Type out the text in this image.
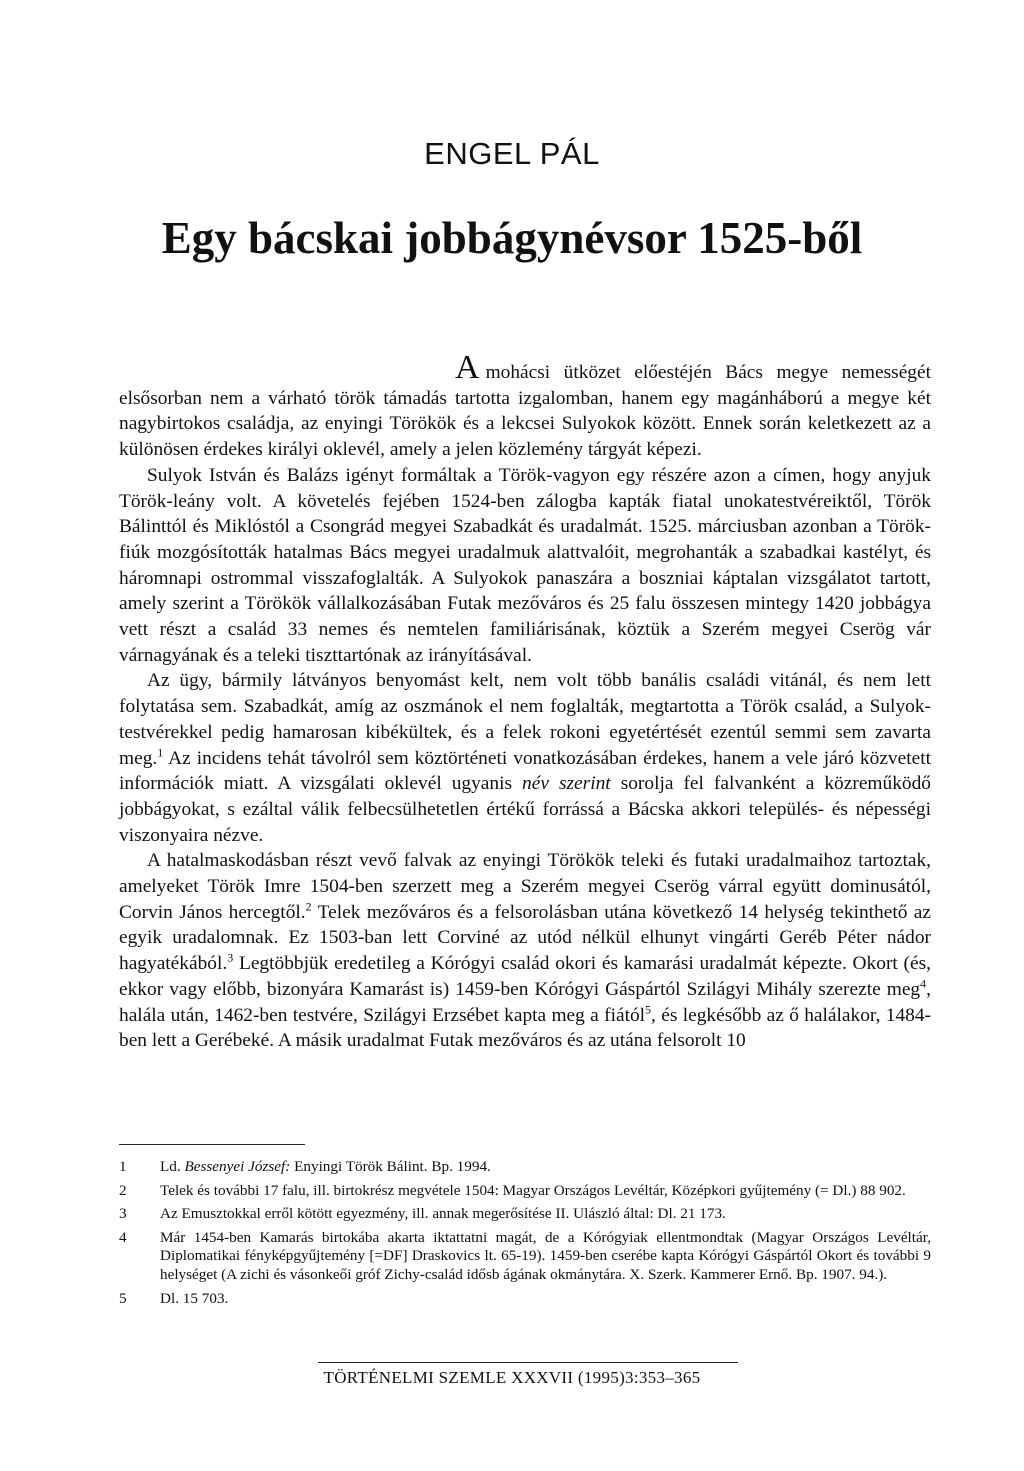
ENGEL PÁL
Egy bácskai jobbágynévsor 1525-ből

Amohácsi ütközet előestéjén Bács megye nemességét elsősorban nem a várható török támadás tartotta izgalomban, hanem egy magánháború a megye két nagybirtokos családja, az enyingi Törökök és a lekcsei Sulyokok között. Ennek során keletkezett az a különösen érdekes királyi oklevél, amely a jelen közlemény tárgyát képezi.

Sulyok István és Balázs igényt formáltak a Török-vagyon egy részére azon a címen, hogy anyjuk Török-leány volt. A követelés fejében 1524-ben zálogba kapták fiatal unokatestvéreiktől, Török Bálinttól és Miklóstól a Csongrád megyei Szabadkát és uradalmát. 1525. márciusban azonban a Török-fiúk mozgósították hatalmas Bács megyei uradalmuk alattvalóit, megrohanták a szabadkai kastélyt, és háromnapi ostrommal visszafoglalták. A Sulyokok panaszára a boszniai káptalan vizsgálatot tartott, amely szerint a Törökök vállalkozásában Futak mezőváros és 25 falu összesen mintegy 1420 jobbágya vett részt a család 33 nemes és nemtelen familiárisának, köztük a Szerém megyei Cserög vár várnagyának és a teleki tiszttartónak az irányításával.

Az ügy, bármily látványos benyomást kelt, nem volt több banális családi vitánál, és nem lett folytatása sem. Szabadkát, amíg az oszmánok el nem foglalták, megtartotta a Török család, a Sulyok-testvérekkel pedig hamarosan kibékültek, és a felek rokoni egyetértését ezentúl semmi sem zavarta meg.$^1$ Az incidens tehát távolról sem köztörténeti vonatkozásában érdekes, hanem a vele járó közvetett információk miatt. A vizsgálati oklevél ugyanis név szerint sorolja fel falvanként a közreműködő jobbágyokat, s ezáltal válik felbecsülhetetlen értékű forrássá a Bácska akkori település- és népességi viszonyaira nézve.

A hatalmaskodásban részt vevő falvak az enyingi Törökök teleki és futaki uradalmaihoz tartoztak, amelyeket Török Imre 1504-ben szerzett meg a Szerém megyei Cserög várral együtt dominusától, Corvin János hercegtől.$^2$ Telek mezőváros és a felsorolásban utána következő 14 helység tekinthető az egyik uradalomnak. Ez 1503-ban lett Corviné az utód nélkül elhunyt vingárti Geréb Péter nádor hagyatékából.$^3$ Legtöbbjük eredetileg a Kórógyi család okori és kamarási uradalmát képezte. Okort (és, ekkor vagy előbb, bizonyára Kamarást is) 1459-ben Kórógyi Gáspártól Szilágyi Mihály szerezte meg$^4$, halála után, 1462-ben testvére, Szilágyi Erzsébet kapta meg a fiától$^5$, és legkésőbb az ő halálakor, 1484-ben lett a Gerébeké. A másik uradalmat Futak mezőváros és az utána felsorolt 10

1 Ld. Bessenyei József: Enyingi Török Bálint. Bp. 1994.
2 Telek és további 17 falu, ill. birtokrész megvétele 1504: Magyar Országos Levéltár, Középkori gyűjtemény (= Dl.) 88 902.
3 Az Emusztokkal erről kötött egyezmény, ill. annak megerősítése II. Ulászló által: Dl. 21 173.
4 Már 1454-ben Kamarás birtokába akarta iktattatni magát, de a Kórógyiak ellentmondtak (Magyar Országos Levéltár, Diplomatikai fényképgyűjtemény [=DF] Draskovics lt. 65-19). 1459-ben cserébe kapta Kórógyi Gáspártól Okort és további 9 helységet (A zichi és vásonkeői gróf Zichy-család idősb ágának okmánytára. X. Szerk. Kammerer Ernő. Bp. 1907. 94.).
5 Dl. 15 703.
TÖRTÉNELMI SZEMLE XXXVII (1995)3:353–365
